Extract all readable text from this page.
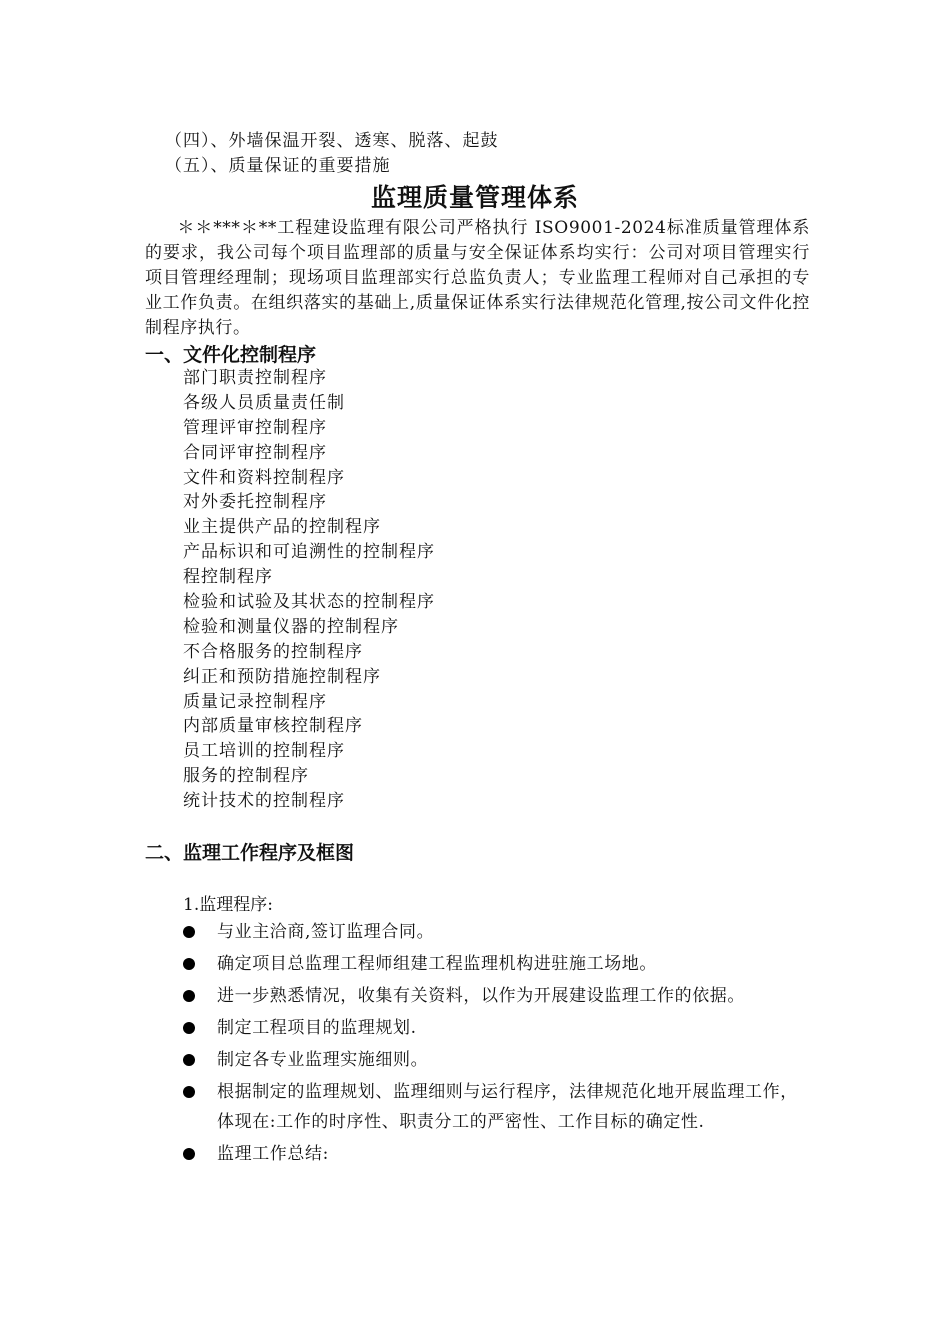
（四）、外墙保温开裂、透寒、脱落、起鼓
（五）、质量保证的重要措施
监理质量管理体系
＊＊***＊**工程建设监理有限公司严格执行 ISO9001-2024标准质量管理体系的要求，我公司每个项目监理部的质量与安全保证体系均实行：公司对项目管理实行项目管理经理制；现场项目监理部实行总监负责人；专业监理工程师对自己承担的专业工作负责。在组织落实的基础上,质量保证体系实行法律规范化管理,按公司文件化控制程序执行。
一、文件化控制程序
部门职责控制程序
各级人员质量责任制
管理评审控制程序
合同评审控制程序
文件和资料控制程序
对外委托控制程序
业主提供产品的控制程序
产品标识和可追溯性的控制程序
程控制程序
检验和试验及其状态的控制程序
检验和测量仪器的控制程序
不合格服务的控制程序
纠正和预防措施控制程序
质量记录控制程序
内部质量审核控制程序
员工培训的控制程序
服务的控制程序
统计技术的控制程序
二、监理工作程序及框图
1.监理程序:
与业主洽商,签订监理合同。
确定项目总监理工程师组建工程监理机构进驻施工场地。
进一步熟悉情况，收集有关资料，以作为开展建设监理工作的依据。
制定工程项目的监理规划.
制定各专业监理实施细则。
根据制定的监理规划、监理细则与运行程序，法律规范化地开展监理工作，体现在:工作的时序性、职责分工的严密性、工作目标的确定性.
监理工作总结:
